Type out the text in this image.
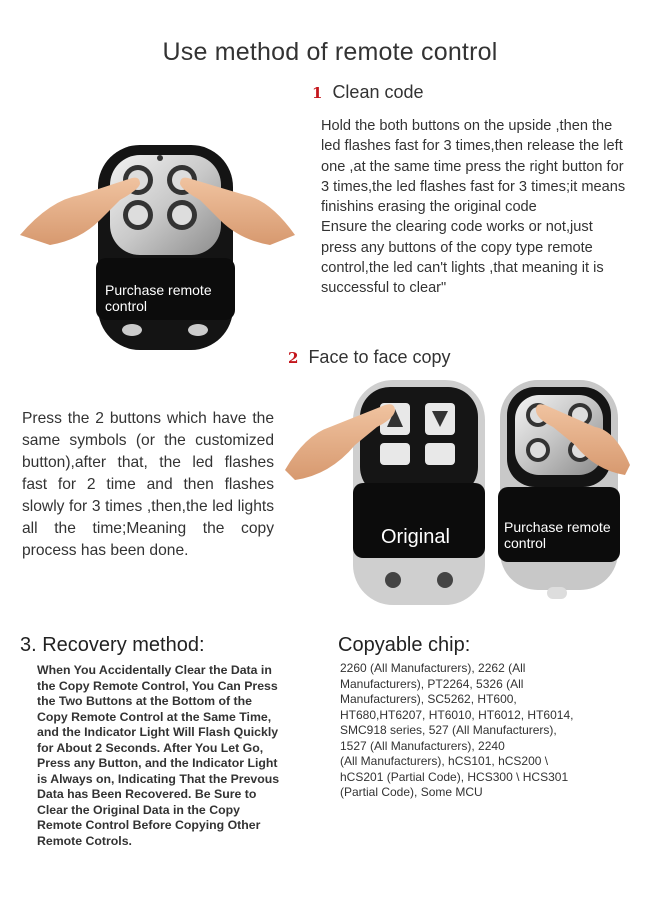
Use method of remote control
Purchase remote control
1 Clean code

Hold the both buttons on the upside ,then the led flashes fast for 3 times,then release the left one ,at the same time press the right button for 3 times,the led flashes fast for 3 times;it means finishins erasing the original code

Ensure the clearing code works or not,just press any buttons of the copy type remote control,the led can't lights ,that meaning it is successful to clear"

2 Face to face copy
Press the 2 buttons which have the same symbols (or the customized button),after that, the led flashes fast for 2 time and then flashes slowly for 3 times ,then,the led lights all the time;Meaning the copy process has been done.
Original	Purchase remote control
3. Recovery method:
When You Accidentally Clear the Data in the Copy Remote Control, You Can Press the Two Buttons at the Bottom of the Copy Remote Control at the Same Time, and the Indicator Light Will Flash Quickly for About 2 Seconds. After You Let Go, Press any Button, and the Indicator Light is Always on, Indicating That the Prevous Data has Been Recovered. Be Sure to Clear the Original Data in the Copy Remote Control Before Copying Other Remote Cotrols.
Copyable chip:
2260 (All Manufacturers), 2262 (All Manufacturers), PT2264, 5326 (All Manufacturers), SC5262, HT600, HT680,HT6207, HT6010, HT6012, HT6014, SMC918 series, 527 (All Manufacturers), 1527 (All Manufacturers), 2240
(All Manufacturers), hCS101, hCS200 \ hCS201 (Partial Code), HCS300 \ HCS301 (Partial Code), Some MCU
